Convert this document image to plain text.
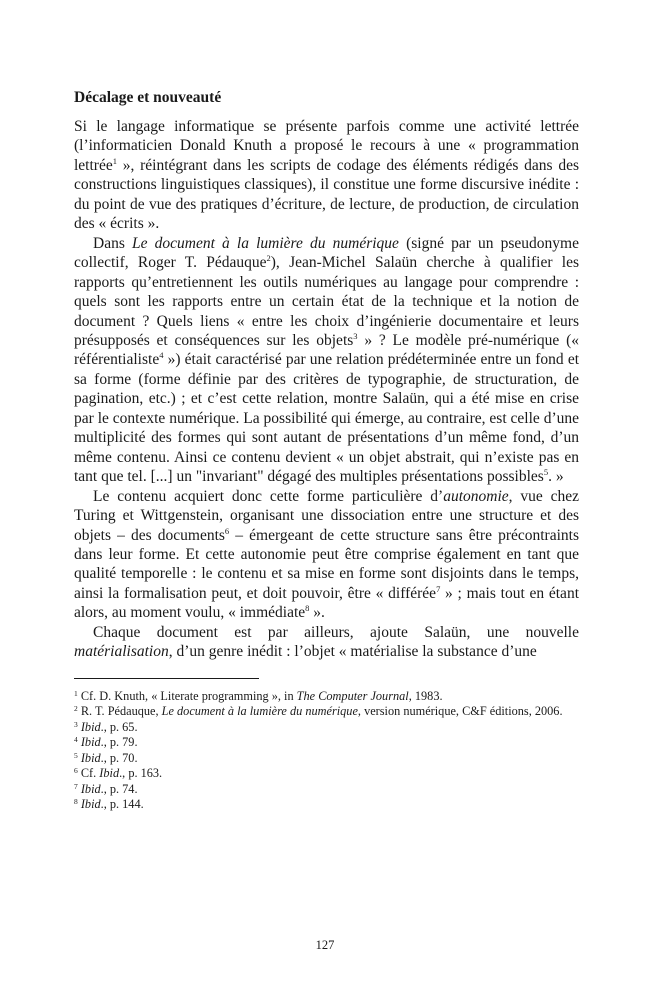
Décalage et nouveauté

Si le langage informatique se présente parfois comme une activité lettrée (l’informaticien Donald Knuth a proposé le recours à une « programmation lettrée$^1$ », réintégrant dans les scripts de codage des éléments rédigés dans des constructions linguistiques classiques), il constitue une forme discursive inédite : du point de vue des pratiques d’écriture, de lecture, de production, de circulation des « écrits ».

Dans Le document à la lumière du numérique (signé par un pseudonyme collectif, Roger T. Pédauque$^2$), Jean-Michel Salaün cherche à qualifier les rapports qu’entretiennent les outils numériques au langage pour comprendre : quels sont les rapports entre un certain état de la technique et la notion de document ? Quels liens « entre les choix d’ingénierie documentaire et leurs présupposés et conséquences sur les objets$^3$ » ? Le modèle pré-numérique (« référentialiste$^4$ ») était caractérisé par une relation prédéterminée entre un fond et sa forme (forme définie par des critères de typographie, de structuration, de pagination, etc.) ; et c’est cette relation, montre Salaün, qui a été mise en crise par le contexte numérique. La possibilité qui émerge, au contraire, est celle d’une multiplicité des formes qui sont autant de présentations d’un même fond, d’un même contenu. Ainsi ce contenu devient « un objet abstrait, qui n’existe pas en tant que tel. [...] un "invariant" dégagé des multiples présentations possibles$^5$. »

Le contenu acquiert donc cette forme particulière d’autonomie, vue chez Turing et Wittgenstein, organisant une dissociation entre une structure et des objets – des documents$^6$ – émergeant de cette structure sans être précontraints dans leur forme. Et cette autonomie peut être comprise également en tant que qualité temporelle : le contenu et sa mise en forme sont disjoints dans le temps, ainsi la formalisation peut, et doit pouvoir, être « différée$^7$ » ; mais tout en étant alors, au moment voulu, « immédiate$^8$ ».

Chaque document est par ailleurs, ajoute Salaün, une nouvelle matérialisation, d’un genre inédit : l’objet « matérialise la substance d’une

$^1$ Cf. D. Knuth, « Literate programming », in The Computer Journal, 1983.

$^2$ R. T. Pédauque, Le document à la lumière du numérique, version numérique, C&F éditions, 2006.

$^3$ Ibid., p. 65.

$^4$ Ibid., p. 79.

$^5$ Ibid., p. 70.

$^6$ Cf. Ibid., p. 163.

$^7$ Ibid., p. 74.

$^8$ Ibid., p. 144.

127
